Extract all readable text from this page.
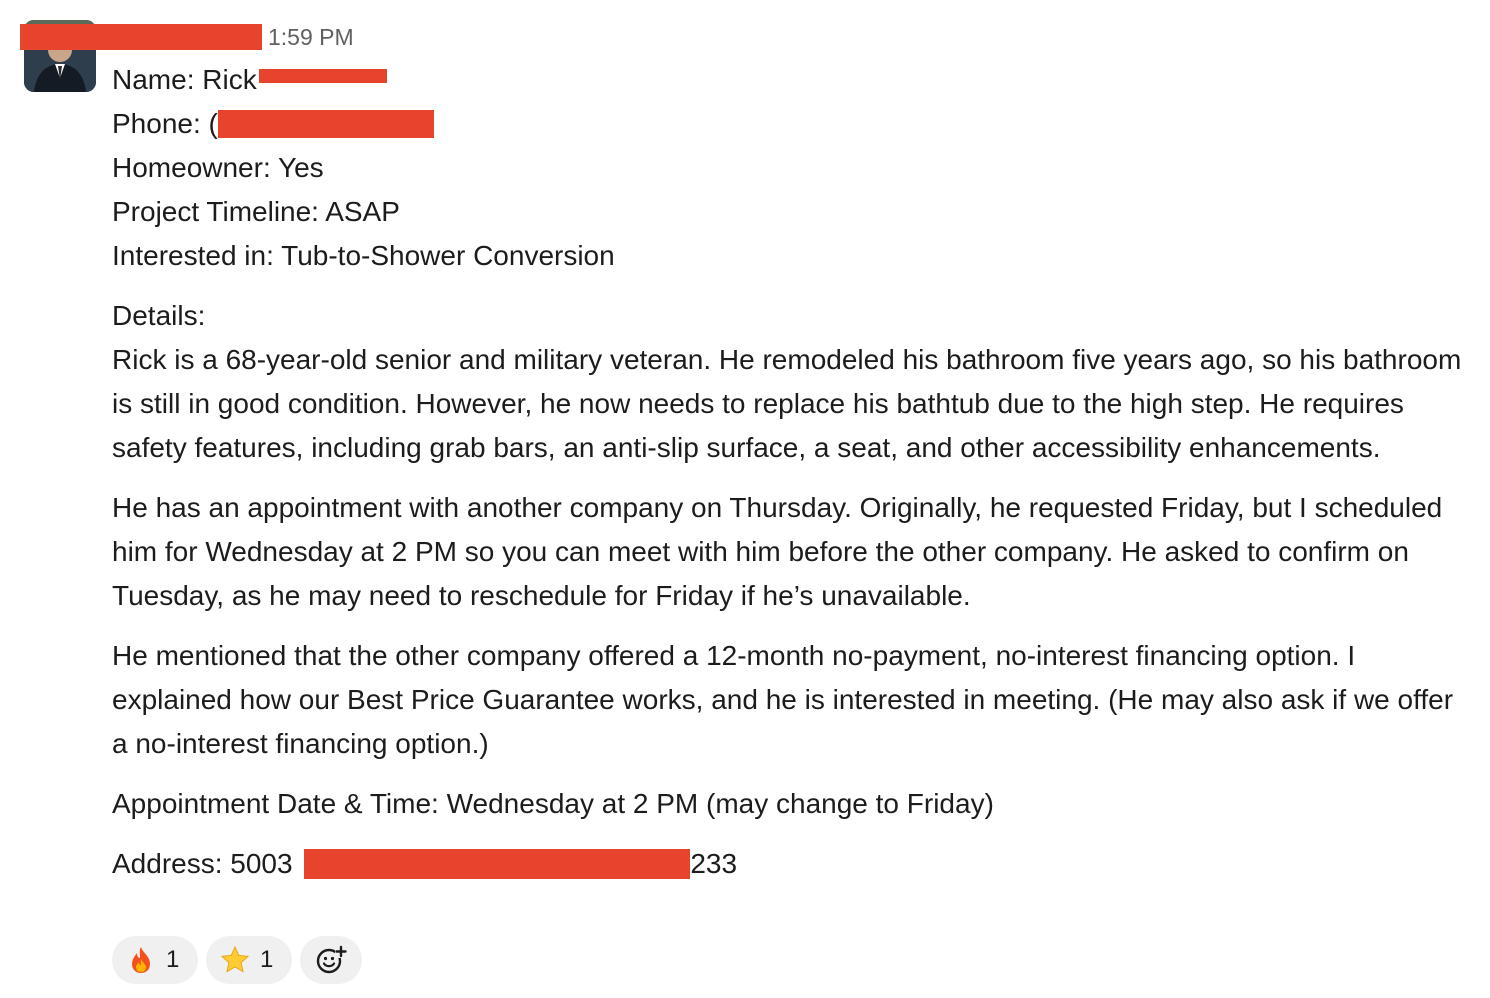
1:59 PM
Name: Rick
Phone: (
Homeowner: Yes
Project Timeline: ASAP
Interested in: Tub-to-Shower Conversion

Details:

Rick is a 68-year-old senior and military veteran. He remodeled his bathroom five years ago, so his bathroom is still in good condition. However, he now needs to replace his bathtub due to the high step. He requires safety features, including grab bars, an anti-slip surface, a seat, and other accessibility enhancements.

He has an appointment with another company on Thursday. Originally, he requested Friday, but I scheduled him for Wednesday at 2 PM so you can meet with him before the other company. He asked to confirm on Tuesday, as he may need to reschedule for Friday if he’s unavailable.

He mentioned that the other company offered a 12-month no-payment, no-interest financing option. I explained how our Best Price Guarantee works, and he is interested in meeting. (He may also ask if we offer a no-interest financing option.)

Appointment Date & Time: Wednesday at 2 PM (may change to Friday)

Address: 5003	233
1	1
